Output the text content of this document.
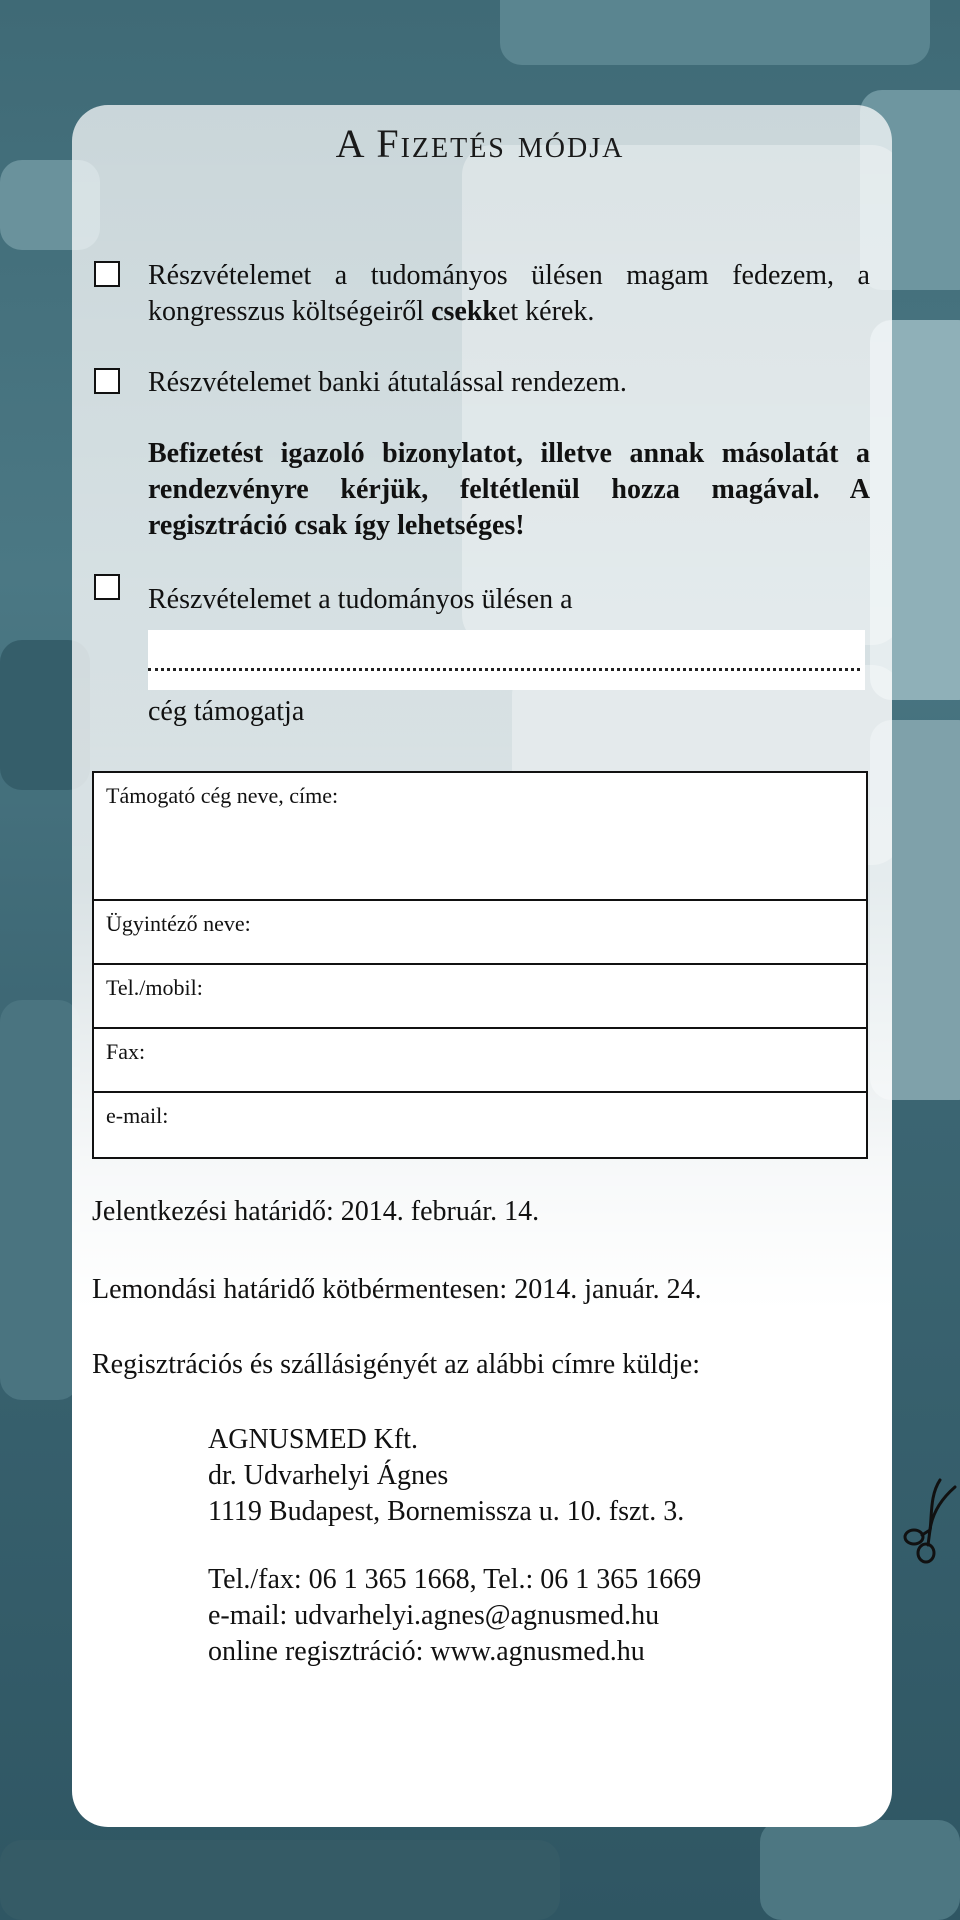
A Fizetés módja
Részvételemet a tudományos ülésen magam fedezem, a kongresszus költségeiről csekket kérek.
Részvételemet banki átutalással rendezem.
Befizetést igazoló bizonylatot, illetve annak másolatát a rendezvényre kérjük, feltétlenül hozza magával. A regisztráció csak így lehetséges!
Részvételemet a tudományos ülésen a
cég támogatja
Támogató cég neve, címe:
Ügyintéző neve:
Tel./mobil:
Fax:
e-mail:
Jelentkezési határidő: 2014. február. 14.
Lemondási határidő kötbérmentesen: 2014. január. 24.
Regisztrációs és szállásigényét az alábbi címre küldje:
AGNUSMED Kft.
dr. Udvarhelyi Ágnes
1119 Budapest, Bornemissza u. 10. fszt. 3.
Tel./fax: 06 1 365 1668, Tel.: 06 1 365 1669
e-mail: udvarhelyi.agnes@agnusmed.hu
online regisztráció: www.agnusmed.hu
